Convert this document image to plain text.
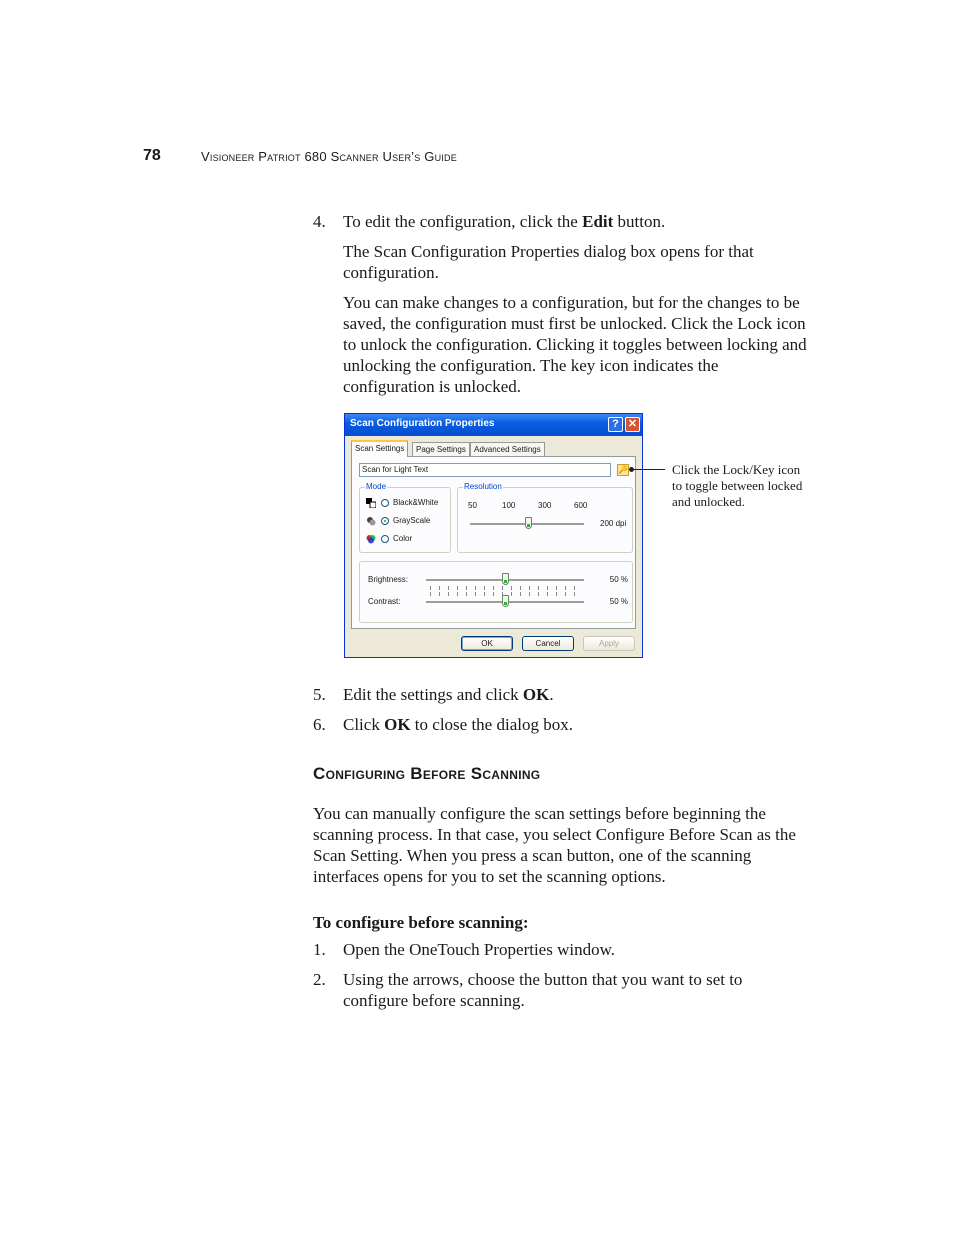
78	Visioneer Patriot 680 Scanner User’s Guide
4. To edit the configuration, click the Edit button.
The Scan Configuration Properties dialog box opens for that configuration.
You can make changes to a configuration, but for the changes to be saved, the configuration must first be unlocked. Click the Lock icon to unlock the configuration. Clicking it toggles between locking and unlocking the configuration. The key icon indicates the configuration is unlocked.
Scan Configuration Properties	? ✕
Scan Settings	Page Settings	Advanced Settings
Scan for Light Text	🔑
Mode
Black&White
GrayScale
Color
Resolution
50	100	300	600
200 dpi
Brightness:	50 %
Contrast:	50 %
OK	Cancel	Apply
Click the Lock/Key icon to toggle between locked and unlocked.
5. Edit the settings and click OK.
6. Click OK to close the dialog box.
Configuring Before Scanning
You can manually configure the scan settings before beginning the scanning process. In that case, you select Configure Before Scan as the Scan Setting. When you press a scan button, one of the scanning interfaces opens for you to set the scanning options.
To configure before scanning:
1. Open the OneTouch Properties window.
2. Using the arrows, choose the button that you want to set to configure before scanning.
